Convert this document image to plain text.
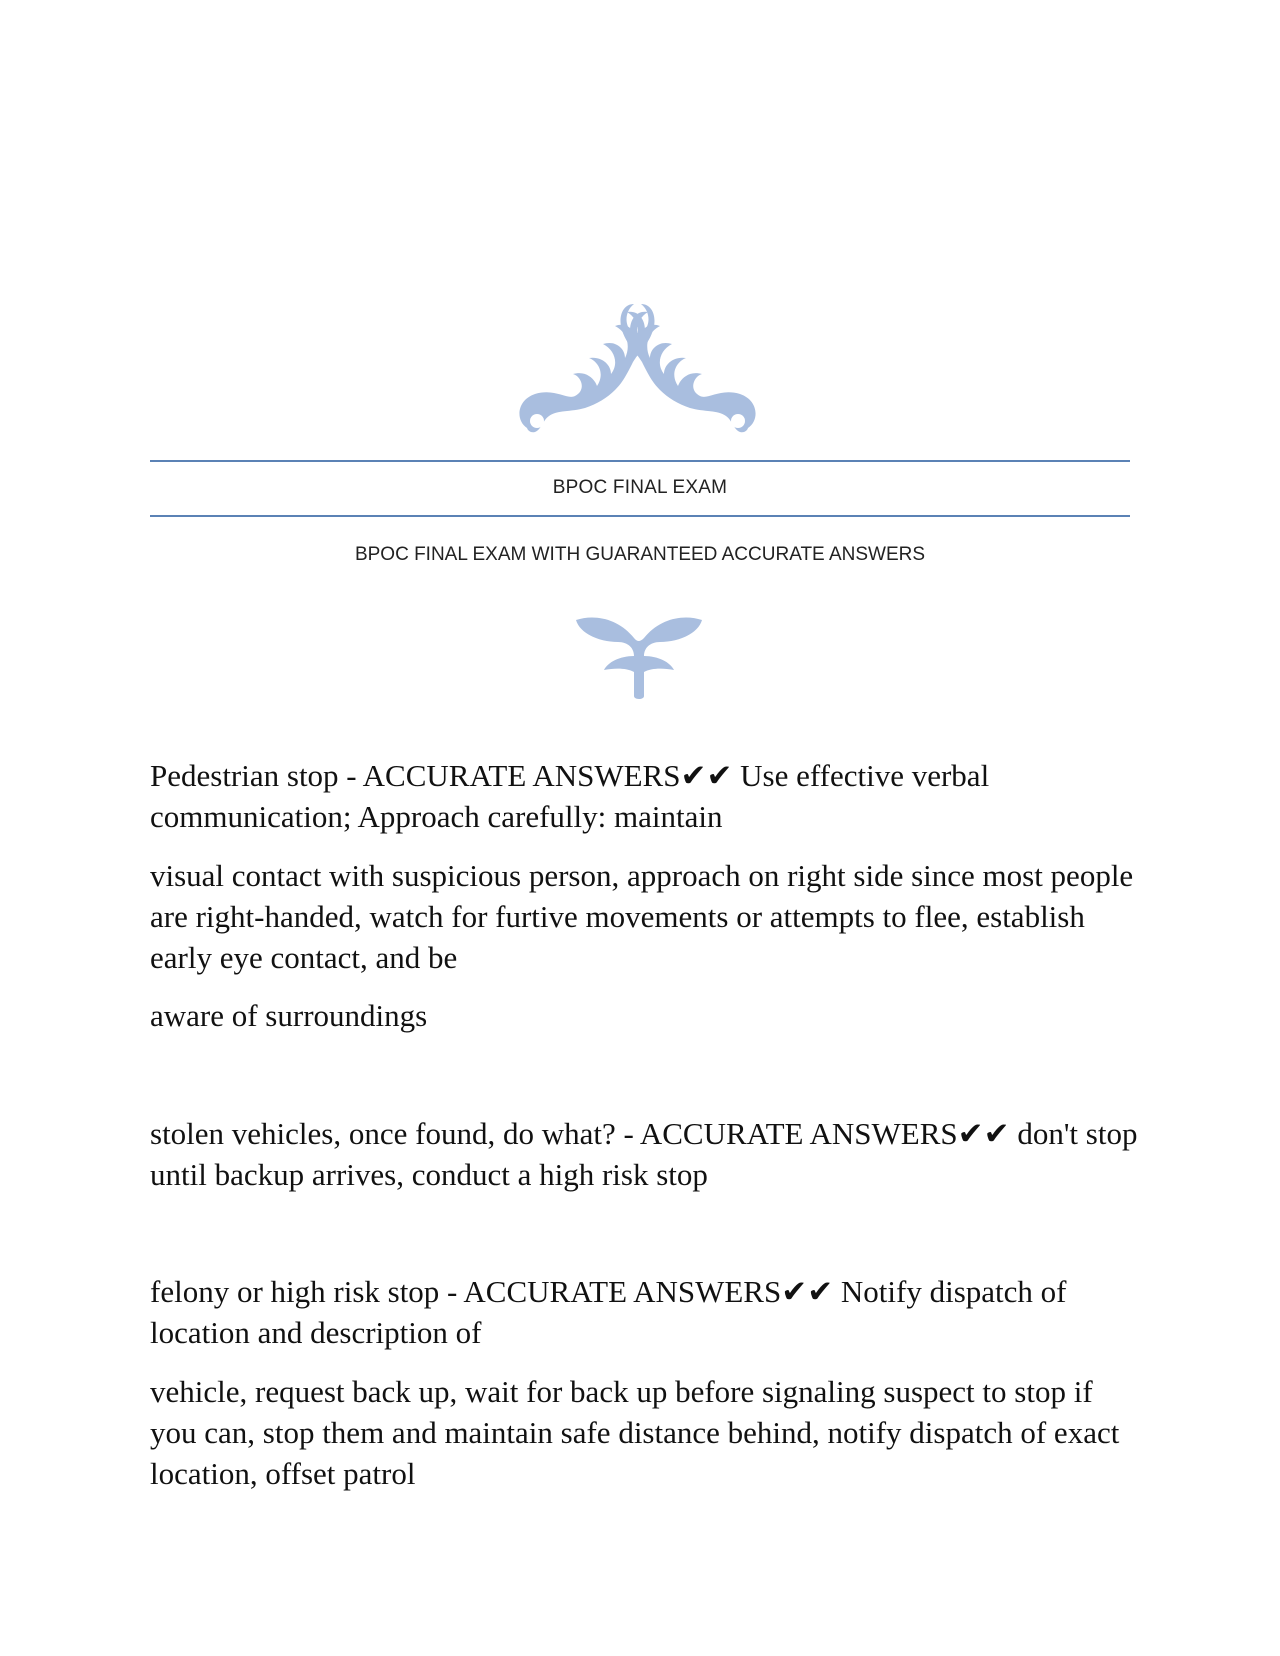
BPOC FINAL EXAM
BPOC FINAL EXAM WITH GUARANTEED ACCURATE ANSWERS

Pedestrian stop - ACCURATE ANSWERS✔✔ Use effective verbal communication; Approach carefully: maintain

visual contact with suspicious person, approach on right side since most people are right-handed, watch for furtive movements or attempts to flee, establish early eye contact, and be

aware of surroundings

stolen vehicles, once found, do what? - ACCURATE ANSWERS✔✔ don't stop until backup arrives, conduct a high risk stop

felony or high risk stop - ACCURATE ANSWERS✔✔ Notify dispatch of location and description of

vehicle, request back up, wait for back up before signaling suspect to stop if you can, stop them and maintain safe distance behind, notify dispatch of exact location, offset patrol
